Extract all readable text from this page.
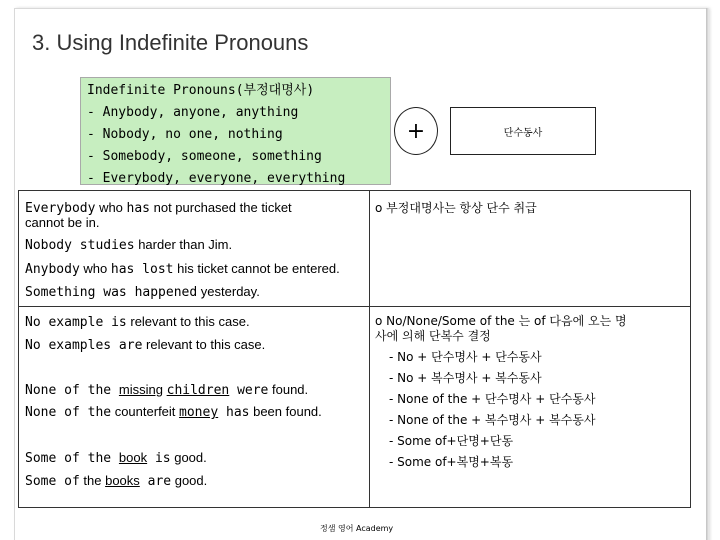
3. Using Indefinite Pronouns
Indefinite Pronouns(부정대명사)
- Anybody, anyone, anything
- Nobody, no one, nothing
- Somebody, someone, something
- Everybody, everyone, everything
+	단수동사
Everybody who has not purchased the ticket
cannot be in.
Nobody studies harder than Jim.
Anybody who has lost his ticket cannot be entered.
Something was happened yesterday.
No example is relevant to this case.
No examples are relevant to this case.
None of the missing children were found.
None of the counterfeit money has been found.
Some of the book is good.
Some of the books are good.
o 부정대명사는 항상 단수 취급
o No/None/Some of the 는 of 다음에 오는 명
사에 의해 단복수 결정
- No + 단수명사 + 단수동사
- No + 복수명사 + 복수동사
- None of the + 단수명사 + 단수동사
- None of the + 복수명사 + 복수동사
- Some of+단명+단동
- Some of+복명+복동
정샘 영어 Academy
